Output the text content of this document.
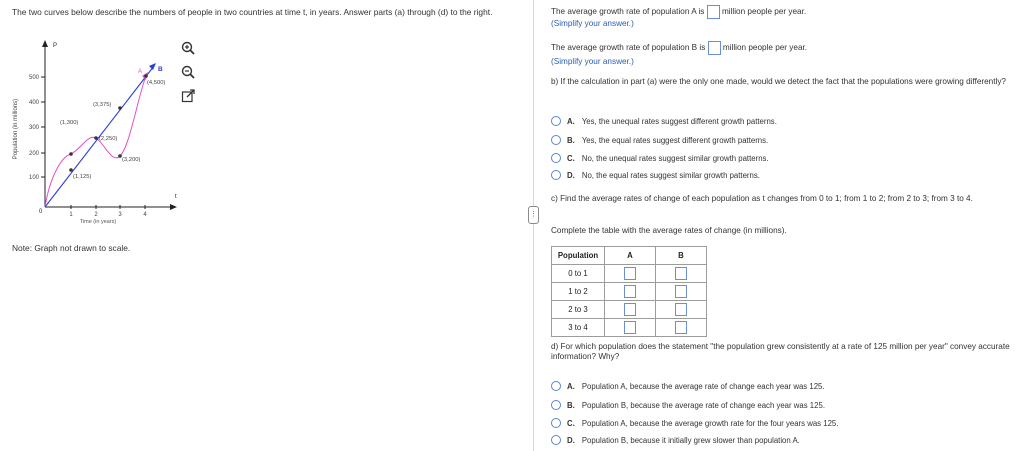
The two curves below describe the numbers of people in two countries at time t, in years. Answer parts (a) through (d) to the right.
Population (in millions)
P
t
0
100
200
300
400
500
1	2	3	4
Time (in years)
A B
(1,300)
(2,250)
(3,200)
(1,125)
(3,375)
(4,500)
Note: Graph not drawn to scale.
⋮
The average growth rate of population A is million people per year.
(Simplify your answer.)
The average growth rate of population B is million people per year.
(Simplify your answer.)
b) If the calculation in part (a) were the only one made, would we detect the fact that the populations were growing differently?
A. Yes, the unequal rates suggest different growth patterns.
B. Yes, the equal rates suggest different growth patterns.
C. No, the unequal rates suggest similar growth patterns.
D. No, the equal rates suggest similar growth patterns.
c) Find the average rates of change of each population as t changes from 0 to 1; from 1 to 2; from 2 to 3; from 3 to 4.
Complete the table with the average rates of change (in millions).
Population	A	B
0 to 1		
1 to 2		
2 to 3		
3 to 4		
d) For which population does the statement "the population grew consistently at a rate of 125 million per year" convey accurate information? Why?
A. Population A, because the average rate of change each year was 125.
B. Population B, because the average rate of change each year was 125.
C. Population A, because the average growth rate for the four years was 125.
D. Population B, because it initially grew slower than population A.
